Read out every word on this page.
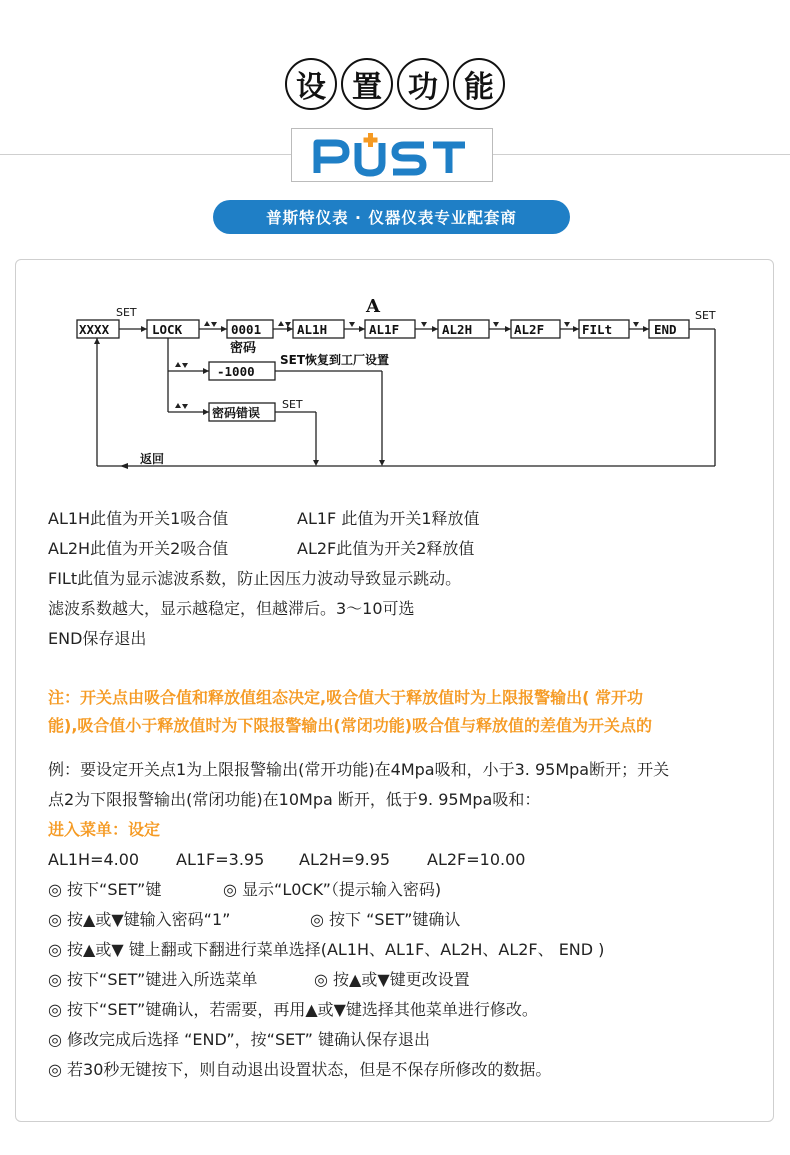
设 置 功 能
PUST
普斯特仪表 · 仪器仪表专业配套商
XXXX	LOCK	0001	AL1H	AL1F	AL2H	AL2F	FILt	END
-1000
SET	SET
SET
A
密码
SET恢复到工厂设置
密码错误
返回
AL1H此值为开关1吸合值	AL1F 此值为开关1释放值
AL2H此值为开关2吸合值	AL2F此值为开关2释放值
FILt此值为显示滤波系数，防止因压力波动导致显示跳动。
滤波系数越大，显示越稳定，但越滞后。3～10可选
END保存退出
注：开关点由吸合值和释放值组态决定,吸合值大于释放值时为上限报警输出( 常开功
能),吸合值小于释放值时为下限报警输出(常闭功能)吸合值与释放值的差值为开关点的
例：要设定开关点1为上限报警输出(常开功能)在4Mpa吸和，小于3. 95Mpa断开；开关
点2为下限报警输出(常闭功能)在10Mpa 断开，低于9. 95Mpa吸和：
进入菜单：设定
AL1H=4.00 AL1F=3.95 AL2H=9.95 AL2F=10.00
◎ 按下“SET”键	◎ 显示“L0CK”（提示输入密码)
◎ 按▲或▼键输入密码“1”	◎ 按下 “SET”键确认
◎ 按▲或▼ 键上翻或下翻进行菜单选择(AL1H、AL1F、AL2H、AL2F、 END )
◎ 按下“SET”键进入所选菜单	◎ 按▲或▼键更改设置
◎ 按下“SET”键确认，若需要，再用▲或▼键选择其他菜单进行修改。
◎ 修改完成后选择 “END”，按“SET” 键确认保存退出
◎ 若30秒无键按下，则自动退出设置状态，但是不保存所修改的数据。
